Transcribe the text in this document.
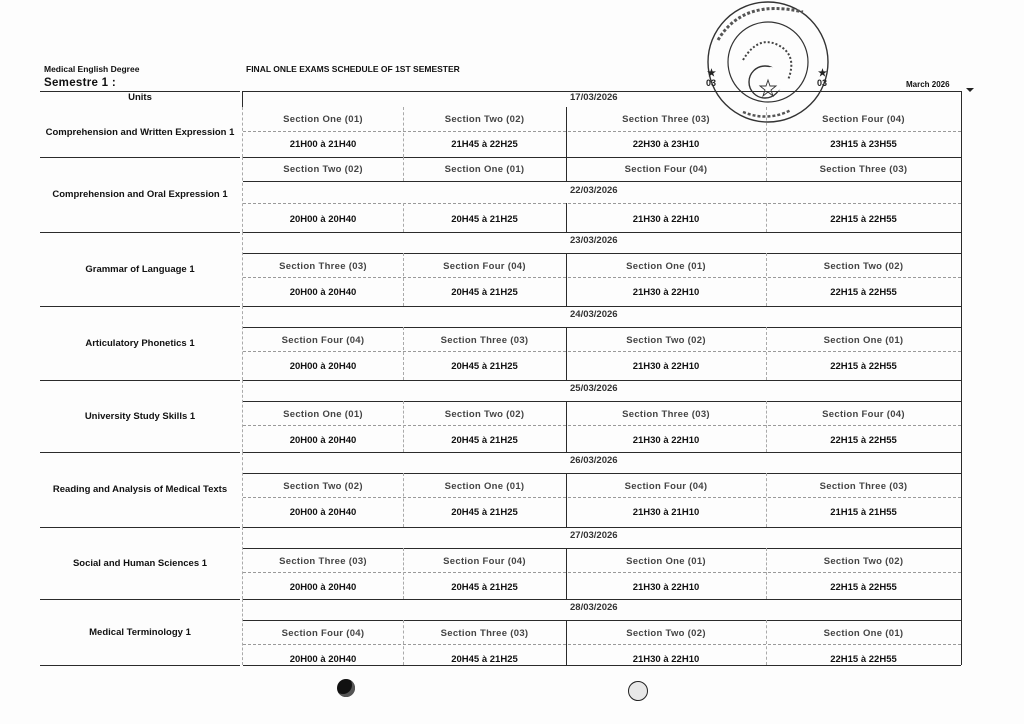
Medical English Degree
Semestre 1 :
FINAL ONLE EXAMS SCHEDULE OF 1ST SEMESTER
March 2026
★
03
★
03
Units
Comprehension and Written Expression 1
17/03/2026
Section One (01)
21H00 à 21H40
Section Two (02)
21H45 à 22H25
Section Three (03)
22H30 à 23H10
Section Four (04)
23H15 à 23H55
Comprehension and Oral Expression 1	22/03/2026
Section Two (02)
20H00 à 20H40
Section One (01)
20H45 à 21H25
Section Four (04)
21H30 à 22H10
Section Three (03)
22H15 à 22H55
Grammar of Language 1
23/03/2026
Section Three (03)
20H00 à 20H40
Section Four (04)
20H45 à 21H25
Section One (01)
21H30 à 22H10
Section Two (02)
22H15 à 22H55
Articulatory Phonetics 1
24/03/2026
Section Four (04)
20H00 à 20H40
Section Three (03)
20H45 à 21H25
Section Two (02)
21H30 à 22H10
Section One (01)
22H15 à 22H55
University Study Skills 1
25/03/2026
Section One (01)
20H00 à 20H40
Section Two (02)
20H45 à 21H25
Section Three (03)
21H30 à 22H10
Section Four (04)
22H15 à 22H55
Reading and Analysis of Medical Texts
26/03/2026
Section Two (02)
20H00 à 20H40
Section One (01)
20H45 à 21H25
Section Four (04)
21H30 à 21H10
Section Three (03)
21H15 à 21H55
Social and Human Sciences 1
27/03/2026
Section Three (03)
20H00 à 20H40
Section Four (04)
20H45 à 21H25
Section One (01)
21H30 à 22H10
Section Two (02)
22H15 à 22H55
Medical Terminology 1
28/03/2026
Section Four (04)
20H00 à 20H40
Section Three (03)
20H45 à 21H25
Section Two (02)
21H30 à 22H10
Section One (01)
22H15 à 22H55
